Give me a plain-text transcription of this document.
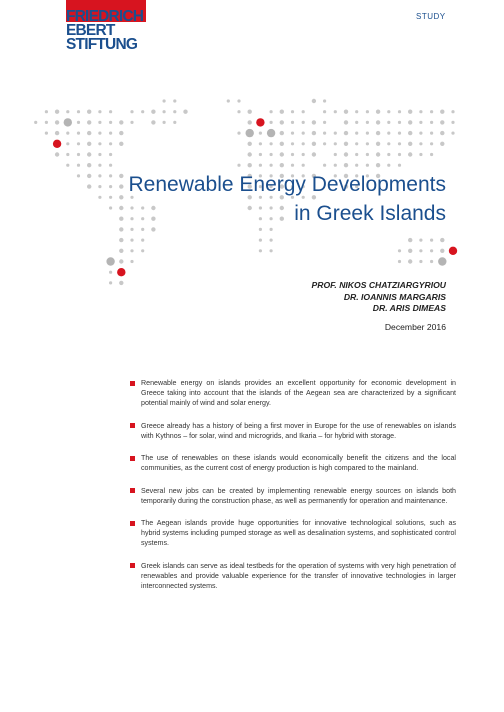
FRIEDRICH
EBERT
STIFTUNG
STUDY
Renewable Energy Developments
in Greek Islands
PROF. NIKOS CHATZIARGYRIOU
DR. IOANNIS MARGARIS
DR. ARIS DIMEAS
December 2016
Renewable energy on islands provides an excellent opportunity for economic development in Greece taking into account that the islands of the Aegean sea are characterized by a significant potential mainly of wind and solar energy.
Greece already has a history of being a first mover in Europe for the use of renewables on islands with Kythnos – for solar, wind and microgrids, and Ikaria – for hybrid with storage.
The use of renewables on these islands would economically benefit the citizens and the local communities, as the current cost of energy production is high compared to the mainland.
Several new jobs can be created by implementing renewable energy sources on islands both temporarily during the construction phase, as well as permanently for operation and maintenance.
The Aegean islands provide huge opportunities for innovative technological solutions, such as hybrid systems including pumped storage as well as desalination systems, and sophisticated control systems.
Greek islands can serve as ideal testbeds for the operation of systems with very high penetration of renewables and provide valuable experience for the transfer of innovative technologies in larger interconnected systems.
